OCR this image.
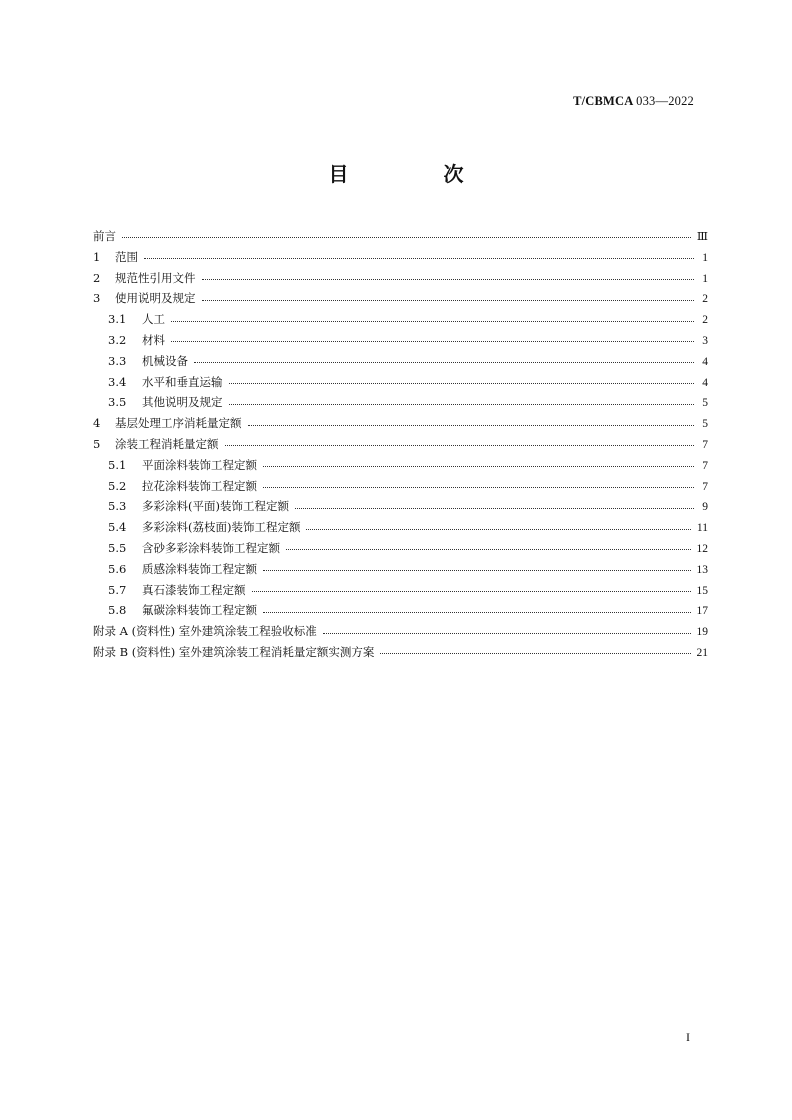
T/CBMCA 033—2022
目 次
前言	Ⅲ
1	范围	1
2	规范性引用文件	1
3	使用说明及规定	2
3.1	人工	2
3.2	材料	3
3.3	机械设备	4
3.4	水平和垂直运输	4
3.5	其他说明及规定	5
4	基层处理工序消耗量定额	5
5	涂装工程消耗量定额	7
5.1	平面涂料装饰工程定额	7
5.2	拉花涂料装饰工程定额	7
5.3	多彩涂料(平面)装饰工程定额	9
5.4	多彩涂料(荔枝面)装饰工程定额	11
5.5	含砂多彩涂料装饰工程定额	12
5.6	质感涂料装饰工程定额	13
5.7	真石漆装饰工程定额	15
5.8	氟碳涂料装饰工程定额	17
附录 A (资料性) 室外建筑涂装工程验收标准	19
附录 B (资料性) 室外建筑涂装工程消耗量定额实测方案	21
I
